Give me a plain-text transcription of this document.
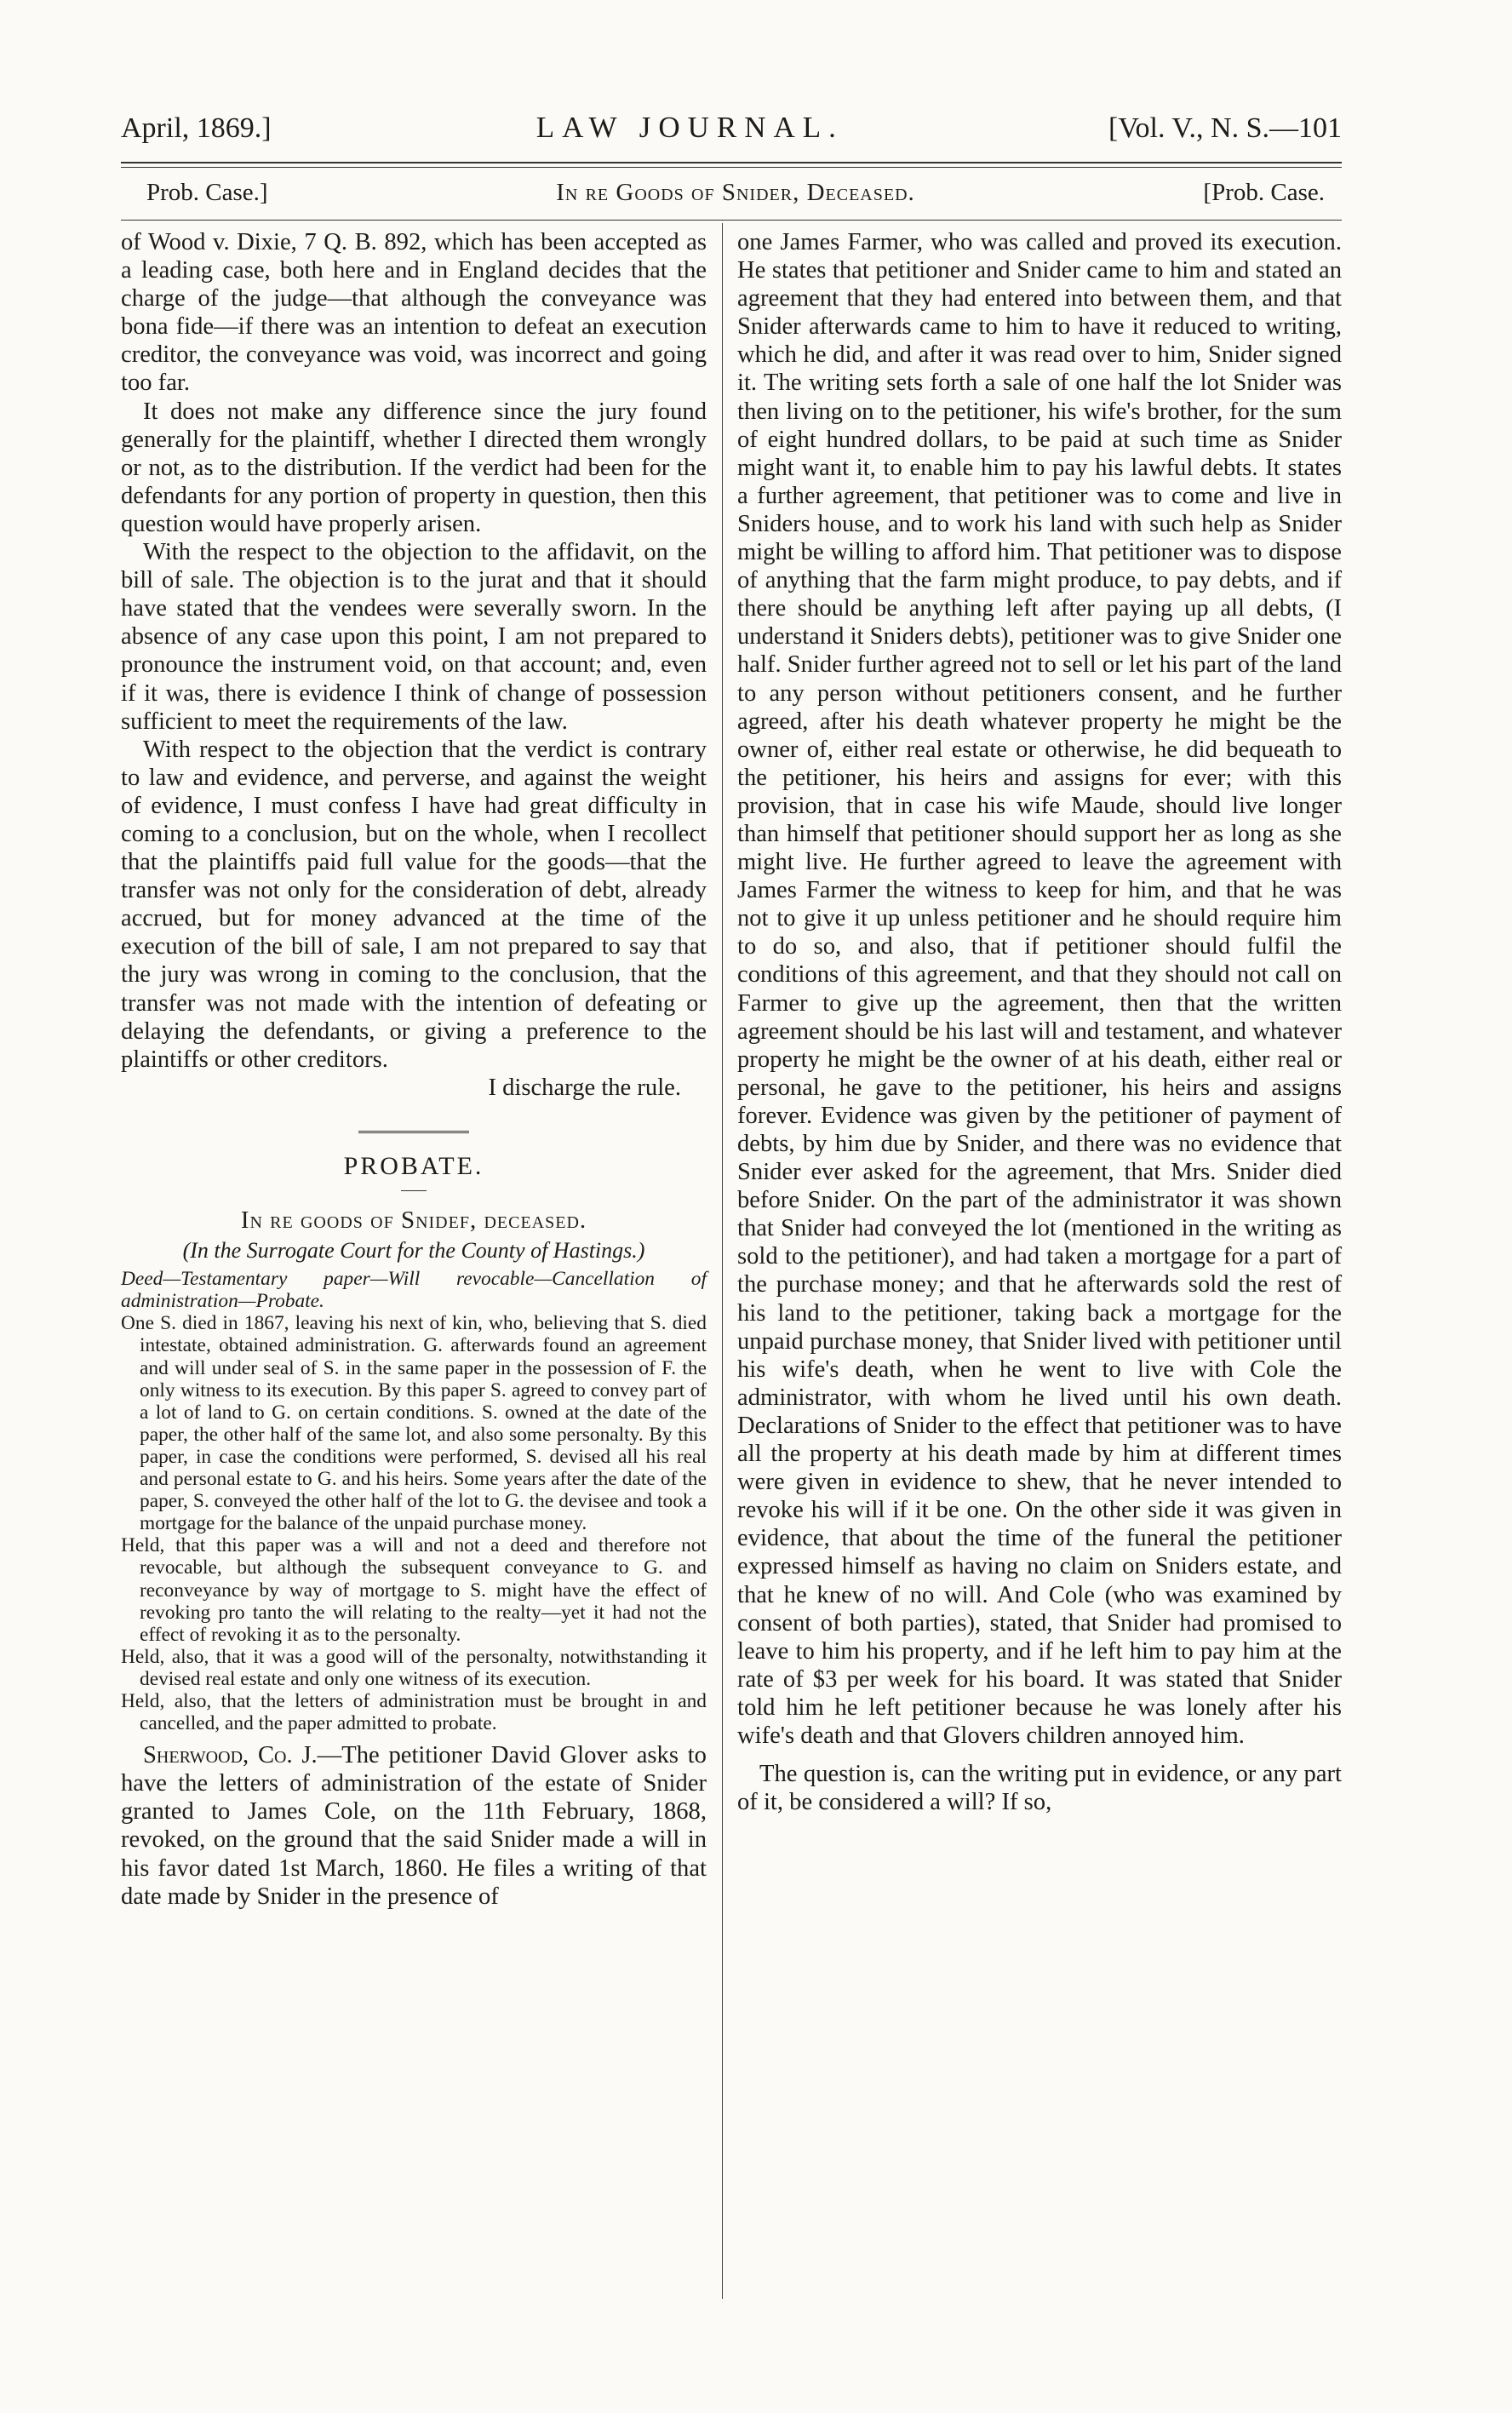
April, 1869.]	LAW JOURNAL.	[Vol. V., N. S.—101
Prob. Case.]	In re Goods of Snider, Deceased.	[Prob. Case.

of Wood v. Dixie, 7 Q. B. 892, which has been accepted as a leading case, both here and in England decides that the charge of the judge—that although the conveyance was bona fide—if there was an intention to defeat an execution creditor, the conveyance was void, was incorrect and going too far.

It does not make any difference since the jury found generally for the plaintiff, whether I directed them wrongly or not, as to the distribution. If the verdict had been for the defendants for any portion of property in question, then this question would have properly arisen.

With the respect to the objection to the affidavit, on the bill of sale. The objection is to the jurat and that it should have stated that the vendees were severally sworn. In the absence of any case upon this point, I am not prepared to pronounce the instrument void, on that account; and, even if it was, there is evidence I think of change of possession sufficient to meet the requirements of the law.

With respect to the objection that the verdict is contrary to law and evidence, and perverse, and against the weight of evidence, I must confess I have had great difficulty in coming to a conclusion, but on the whole, when I recollect that the plaintiffs paid full value for the goods—that the transfer was not only for the consideration of debt, already accrued, but for money advanced at the time of the execution of the bill of sale, I am not prepared to say that the jury was wrong in coming to the conclusion, that the transfer was not made with the intention of defeating or delaying the defendants, or giving a preference to the plaintiffs or other creditors.

I discharge the rule.

PROBATE.
In re goods of Snidef, deceased.
(In the Surrogate Court for the County of Hastings.)

Deed—Testamentary paper—Will revocable—Cancellation of administration—Probate.

One S. died in 1867, leaving his next of kin, who, believing that S. died intestate, obtained administration. G. afterwards found an agreement and will under seal of S. in the same paper in the possession of F. the only witness to its execution. By this paper S. agreed to convey part of a lot of land to G. on certain conditions. S. owned at the date of the paper, the other half of the same lot, and also some personalty. By this paper, in case the conditions were performed, S. devised all his real and personal estate to G. and his heirs. Some years after the date of the paper, S. conveyed the other half of the lot to G. the devisee and took a mortgage for the balance of the unpaid purchase money.

Held, that this paper was a will and not a deed and therefore not revocable, but although the subsequent conveyance to G. and reconveyance by way of mortgage to S. might have the effect of revoking pro tanto the will relating to the realty—yet it had not the effect of revoking it as to the personalty.

Held, also, that it was a good will of the personalty, notwithstanding it devised real estate and only one witness of its execution.

Held, also, that the letters of administration must be brought in and cancelled, and the paper admitted to probate.

Sherwood, Co. J.—The petitioner David Glover asks to have the letters of administration of the estate of Snider granted to James Cole, on the 11th February, 1868, revoked, on the ground that the said Snider made a will in his favor dated 1st March, 1860. He files a writing of that date made by Snider in the presence of

one James Farmer, who was called and proved its execution. He states that petitioner and Snider came to him and stated an agreement that they had entered into between them, and that Snider afterwards came to him to have it reduced to writing, which he did, and after it was read over to him, Snider signed it. The writing sets forth a sale of one half the lot Snider was then living on to the petitioner, his wife's brother, for the sum of eight hundred dollars, to be paid at such time as Snider might want it, to enable him to pay his lawful debts. It states a further agreement, that petitioner was to come and live in Sniders house, and to work his land with such help as Snider might be willing to afford him. That petitioner was to dispose of anything that the farm might produce, to pay debts, and if there should be anything left after paying up all debts, (I understand it Sniders debts), petitioner was to give Snider one half. Snider further agreed not to sell or let his part of the land to any person without petitioners consent, and he further agreed, after his death whatever property he might be the owner of, either real estate or otherwise, he did bequeath to the petitioner, his heirs and assigns for ever; with this provision, that in case his wife Maude, should live longer than himself that petitioner should support her as long as she might live. He further agreed to leave the agreement with James Farmer the witness to keep for him, and that he was not to give it up unless petitioner and he should require him to do so, and also, that if petitioner should fulfil the conditions of this agreement, and that they should not call on Farmer to give up the agreement, then that the written agreement should be his last will and testament, and whatever property he might be the owner of at his death, either real or personal, he gave to the petitioner, his heirs and assigns forever. Evidence was given by the petitioner of payment of debts, by him due by Snider, and there was no evidence that Snider ever asked for the agreement, that Mrs. Snider died before Snider. On the part of the administrator it was shown that Snider had conveyed the lot (mentioned in the writing as sold to the petitioner), and had taken a mortgage for a part of the purchase money; and that he afterwards sold the rest of his land to the petitioner, taking back a mortgage for the unpaid purchase money, that Snider lived with petitioner until his wife's death, when he went to live with Cole the administrator, with whom he lived until his own death. Declarations of Snider to the effect that petitioner was to have all the property at his death made by him at different times were given in evidence to shew, that he never intended to revoke his will if it be one. On the other side it was given in evidence, that about the time of the funeral the petitioner expressed himself as having no claim on Sniders estate, and that he knew of no will. And Cole (who was examined by consent of both parties), stated, that Snider had promised to leave to him his property, and if he left him to pay him at the rate of $3 per week for his board. It was stated that Snider told him he left petitioner because he was lonely after his wife's death and that Glovers children annoyed him.

The question is, can the writing put in evidence, or any part of it, be considered a will? If so,
